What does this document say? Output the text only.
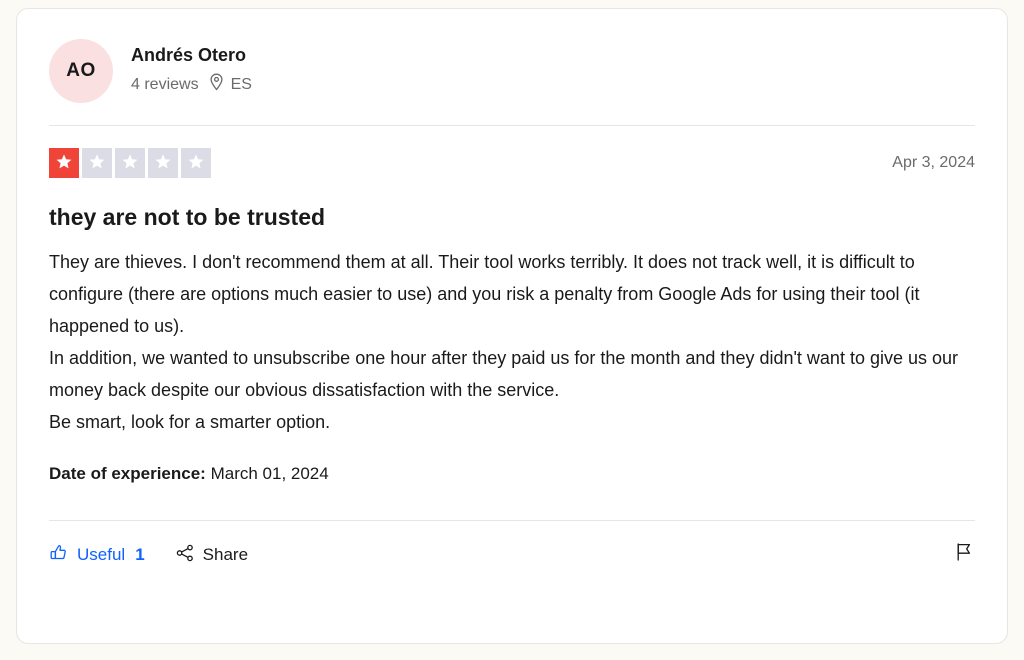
AO
Andrés Otero
4 reviews ES
Apr 3, 2024
they are not to be trusted

They are thieves. I don't recommend them at all. Their tool works terribly. It does not track well, it is difficult to configure (there are options much easier to use) and you risk a penalty from Google Ads for using their tool (it happened to us).

In addition, we wanted to unsubscribe one hour after they paid us for the month and they didn't want to give us our money back despite our obvious dissatisfaction with the service.

Be smart, look for a smarter option.

Date of experience: March 01, 2024
Useful 1	Share
